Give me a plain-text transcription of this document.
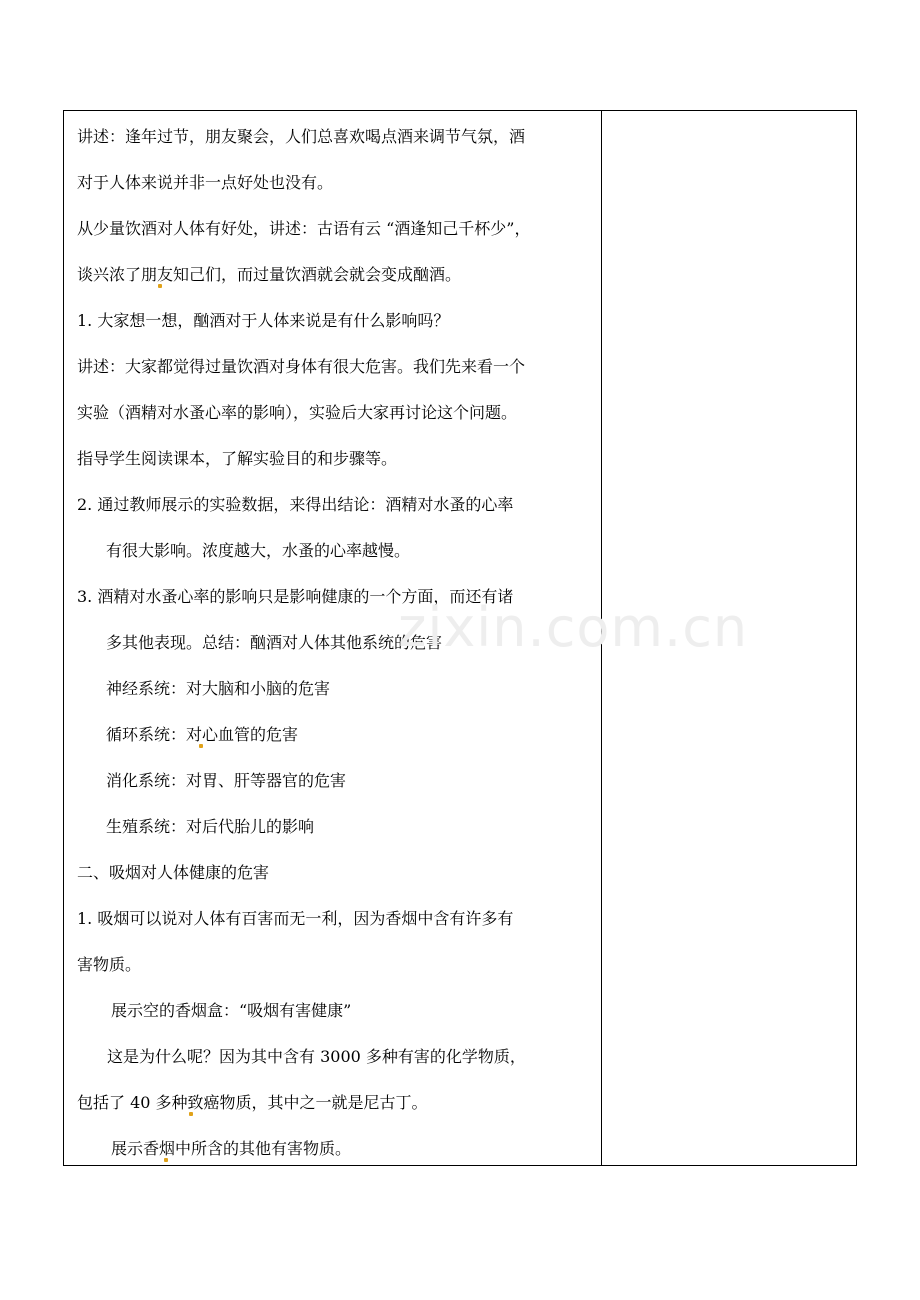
讲述：逢年过节，朋友聚会，人们总喜欢喝点酒来调节气氛，酒

对于人体来说并非一点好处也没有。

从少量饮酒对人体有好处，讲述：古语有云 “酒逢知己千杯少”，

谈兴浓了朋友知己们，而过量饮酒就会就会变成酗酒。

1. 大家想一想，酗酒对于人体来说是有什么影响吗？

讲述：大家都觉得过量饮酒对身体有很大危害。我们先来看一个

实验（酒精对水蚤心率的影响），实验后大家再讨论这个问题。

指导学生阅读课本，了解实验目的和步骤等。

2. 通过教师展示的实验数据，来得出结论：酒精对水蚤的心率

有很大影响。浓度越大，水蚤的心率越慢。

3. 酒精对水蚤心率的影响只是影响健康的一个方面，而还有诸

多其他表现。总结：酗酒对人体其他系统的危害

神经系统：对大脑和小脑的危害

循环系统：对心血管的危害

消化系统：对胃、肝等器官的危害

生殖系统：对后代胎儿的影响

二、吸烟对人体健康的危害

1. 吸烟可以说对人体有百害而无一利，因为香烟中含有许多有

害物质。

展示空的香烟盒：“吸烟有害健康”

这是为什么呢？因为其中含有 3000 多种有害的化学物质，

包括了 40 多种致癌物质，其中之一就是尼古丁。

展示香烟中所含的其他有害物质。

zixin.com.cn
